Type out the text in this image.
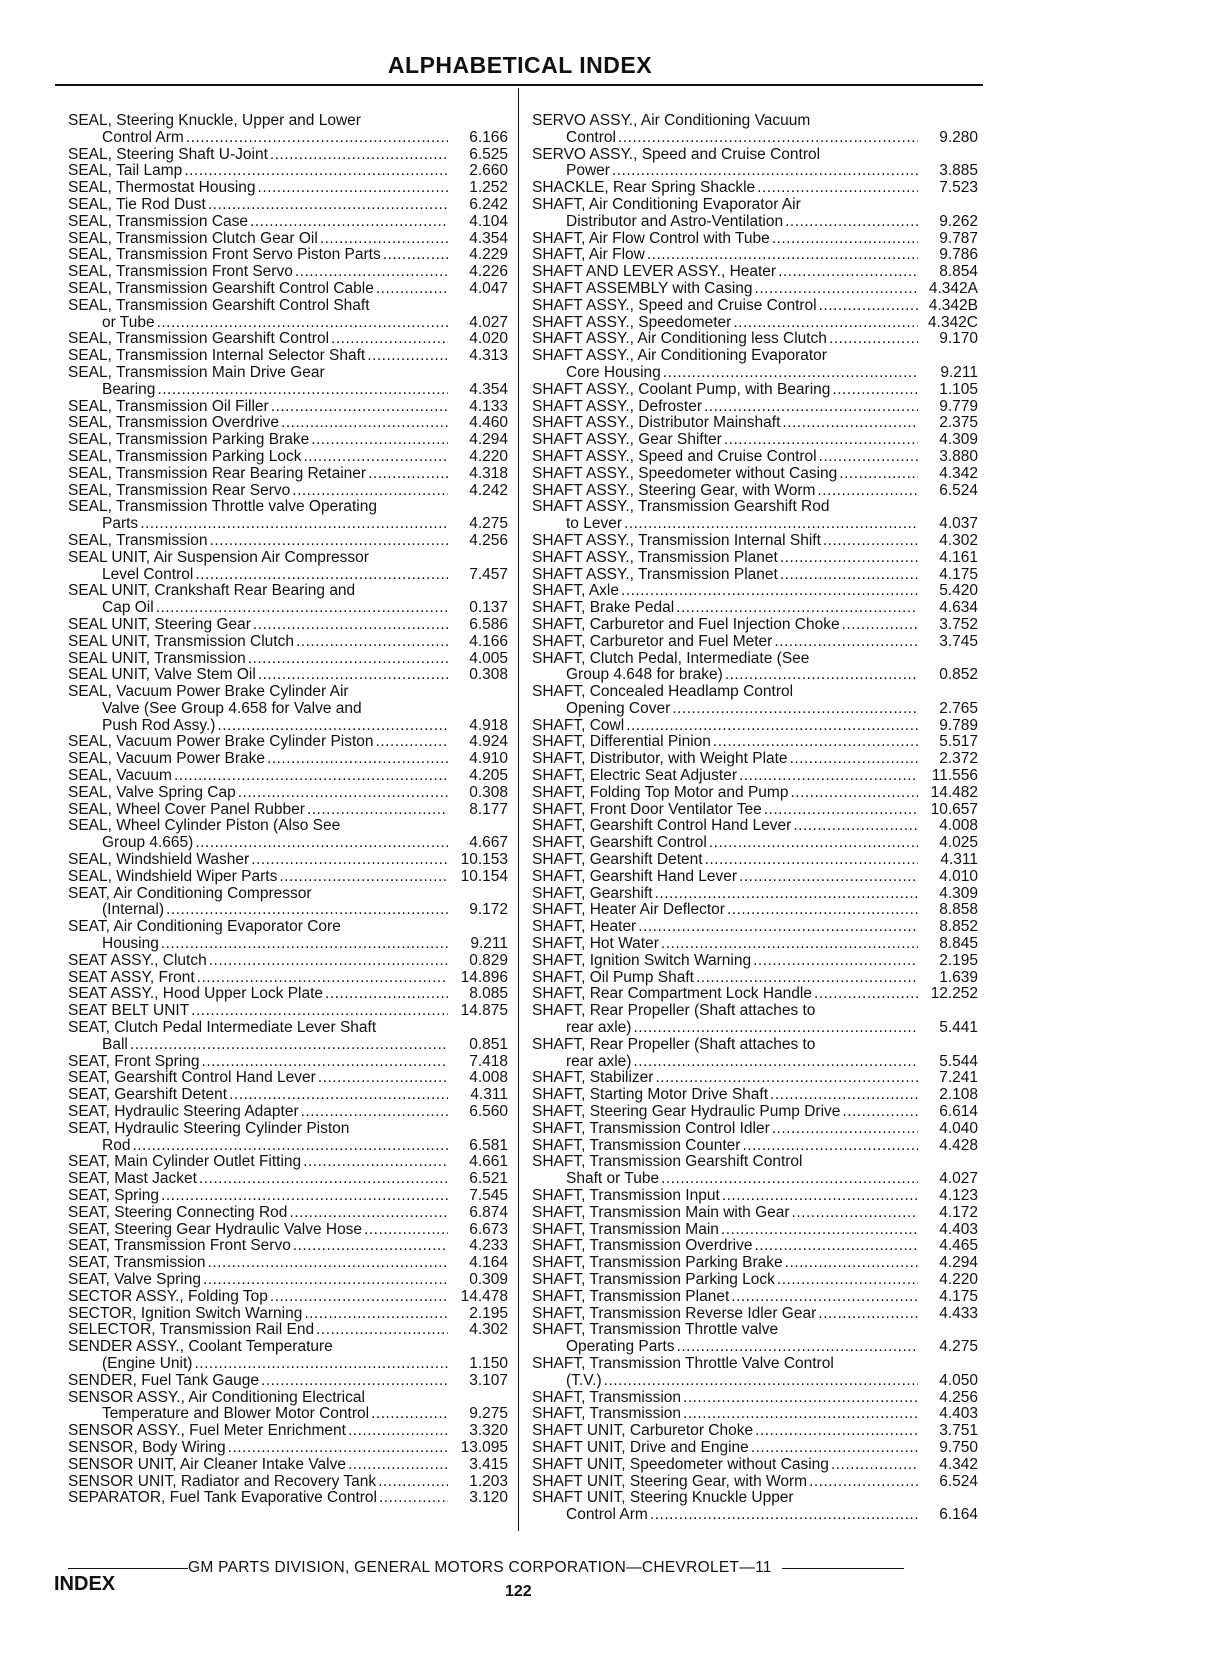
ALPHABETICAL INDEX
SEAL, Steering Knuckle, Upper and Lower
Control Arm .....	6.166
SEAL, Steering Shaft U-Joint .....	6.525
SEAL, Tail Lamp .....	2.660
SEAL, Thermostat Housing .....	1.252
SEAL, Tie Rod Dust .....	6.242
SEAL, Transmission Case .....	4.104
SEAL, Transmission Clutch Gear Oil .....	4.354
SEAL, Transmission Front Servo Piston Parts .....	4.229
SEAL, Transmission Front Servo .....	4.226
SEAL, Transmission Gearshift Control Cable .....	4.047
SEAL, Transmission Gearshift Control Shaft
or Tube .....	4.027
SEAL, Transmission Gearshift Control .....	4.020
SEAL, Transmission Internal Selector Shaft .....	4.313
SEAL, Transmission Main Drive Gear
Bearing .....	4.354
SEAL, Transmission Oil Filler .....	4.133
SEAL, Transmission Overdrive .....	4.460
SEAL, Transmission Parking Brake .....	4.294
SEAL, Transmission Parking Lock .....	4.220
SEAL, Transmission Rear Bearing Retainer .....	4.318
SEAL, Transmission Rear Servo .....	4.242
SEAL, Transmission Throttle valve Operating
Parts .....	4.275
SEAL, Transmission .....	4.256
SEAL UNIT, Air Suspension Air Compressor
Level Control .....	7.457
SEAL UNIT, Crankshaft Rear Bearing and
Cap Oil .....	0.137
SEAL UNIT, Steering Gear .....	6.586
SEAL UNIT, Transmission Clutch .....	4.166
SEAL UNIT, Transmission .....	4.005
SEAL UNIT, Valve Stem Oil .....	0.308
SEAL, Vacuum Power Brake Cylinder Air
Valve (See Group 4.658 for Valve and
Push Rod Assy.) .....	4.918
SEAL, Vacuum Power Brake Cylinder Piston .....	4.924
SEAL, Vacuum Power Brake .....	4.910
SEAL, Vacuum .....	4.205
SEAL, Valve Spring Cap .....	0.308
SEAL, Wheel Cover Panel Rubber .....	8.177
SEAL, Wheel Cylinder Piston (Also See
Group 4.665) .....	4.667
SEAL, Windshield Washer .....	10.153
SEAL, Windshield Wiper Parts .....	10.154
SEAT, Air Conditioning Compressor
(Internal) .....	9.172
SEAT, Air Conditioning Evaporator Core
Housing .....	9.211
SEAT ASSY., Clutch .....	0.829
SEAT ASSY, Front .....	14.896
SEAT ASSY., Hood Upper Lock Plate .....	8.085
SEAT BELT UNIT .....	14.875
SEAT, Clutch Pedal Intermediate Lever Shaft
Ball .....	0.851
SEAT, Front Spring .....	7.418
SEAT, Gearshift Control Hand Lever .....	4.008
SEAT, Gearshift Detent .....	4.311
SEAT, Hydraulic Steering Adapter .....	6.560
SEAT, Hydraulic Steering Cylinder Piston
Rod .....	6.581
SEAT, Main Cylinder Outlet Fitting .....	4.661
SEAT, Mast Jacket .....	6.521
SEAT, Spring .....	7.545
SEAT, Steering Connecting Rod .....	6.874
SEAT, Steering Gear Hydraulic Valve Hose .....	6.673
SEAT, Transmission Front Servo .....	4.233
SEAT, Transmission .....	4.164
SEAT, Valve Spring .....	0.309
SECTOR ASSY., Folding Top .....	14.478
SECTOR, Ignition Switch Warning .....	2.195
SELECTOR, Transmission Rail End .....	4.302
SENDER ASSY., Coolant Temperature
(Engine Unit) .....	1.150
SENDER, Fuel Tank Gauge .....	3.107
SENSOR ASSY., Air Conditioning Electrical
Temperature and Blower Motor Control .....	9.275
SENSOR ASSY., Fuel Meter Enrichment .....	3.320
SENSOR, Body Wiring .....	13.095
SENSOR UNIT, Air Cleaner Intake Valve .....	3.415
SENSOR UNIT, Radiator and Recovery Tank .....	1.203
SEPARATOR, Fuel Tank Evaporative Control .....	3.120
SERVO ASSY., Air Conditioning Vacuum
Control .....	9.280
SERVO ASSY., Speed and Cruise Control
Power .....	3.885
SHACKLE, Rear Spring Shackle .....	7.523
SHAFT, Air Conditioning Evaporator Air
Distributor and Astro-Ventilation .....	9.262
SHAFT, Air Flow Control with Tube .....	9.787
SHAFT, Air Flow .....	9.786
SHAFT AND LEVER ASSY., Heater .....	8.854
SHAFT ASSEMBLY with Casing .....	4.342A
SHAFT ASSY., Speed and Cruise Control .....	4.342B
SHAFT ASSY., Speedometer .....	4.342C
SHAFT ASSY., Air Conditioning less Clutch .....	9.170
SHAFT ASSY., Air Conditioning Evaporator
Core Housing .....	9.211
SHAFT ASSY., Coolant Pump, with Bearing .....	1.105
SHAFT ASSY., Defroster .....	9.779
SHAFT ASSY., Distributor Mainshaft .....	2.375
SHAFT ASSY., Gear Shifter .....	4.309
SHAFT ASSY., Speed and Cruise Control .....	3.880
SHAFT ASSY., Speedometer without Casing .....	4.342
SHAFT ASSY., Steering Gear, with Worm .....	6.524
SHAFT ASSY., Transmission Gearshift Rod
to Lever .....	4.037
SHAFT ASSY., Transmission Internal Shift .....	4.302
SHAFT ASSY., Transmission Planet .....	4.161
SHAFT ASSY., Transmission Planet .....	4.175
SHAFT, Axle .....	5.420
SHAFT, Brake Pedal .....	4.634
SHAFT, Carburetor and Fuel Injection Choke .....	3.752
SHAFT, Carburetor and Fuel Meter .....	3.745
SHAFT, Clutch Pedal, Intermediate (See
Group 4.648 for brake) .....	0.852
SHAFT, Concealed Headlamp Control
Opening Cover .....	2.765
SHAFT, Cowl .....	9.789
SHAFT, Differential Pinion .....	5.517
SHAFT, Distributor, with Weight Plate .....	2.372
SHAFT, Electric Seat Adjuster .....	11.556
SHAFT, Folding Top Motor and Pump .....	14.482
SHAFT, Front Door Ventilator Tee .....	10.657
SHAFT, Gearshift Control Hand Lever .....	4.008
SHAFT, Gearshift Control .....	4.025
SHAFT, Gearshift Detent .....	4.311
SHAFT, Gearshift Hand Lever .....	4.010
SHAFT, Gearshift .....	4.309
SHAFT, Heater Air Deflector .....	8.858
SHAFT, Heater .....	8.852
SHAFT, Hot Water .....	8.845
SHAFT, Ignition Switch Warning .....	2.195
SHAFT, Oil Pump Shaft .....	1.639
SHAFT, Rear Compartment Lock Handle .....	12.252
SHAFT, Rear Propeller (Shaft attaches to
rear axle) .....	5.441
SHAFT, Rear Propeller (Shaft attaches to
rear axle) .....	5.544
SHAFT, Stabilizer .....	7.241
SHAFT, Starting Motor Drive Shaft .....	2.108
SHAFT, Steering Gear Hydraulic Pump Drive .....	6.614
SHAFT, Transmission Control Idler .....	4.040
SHAFT, Transmission Counter .....	4.428
SHAFT, Transmission Gearshift Control
Shaft or Tube .....	4.027
SHAFT, Transmission Input .....	4.123
SHAFT, Transmission Main with Gear .....	4.172
SHAFT, Transmission Main .....	4.403
SHAFT, Transmission Overdrive .....	4.465
SHAFT, Transmission Parking Brake .....	4.294
SHAFT, Transmission Parking Lock .....	4.220
SHAFT, Transmission Planet .....	4.175
SHAFT, Transmission Reverse Idler Gear .....	4.433
SHAFT, Transmission Throttle valve
Operating Parts .....	4.275
SHAFT, Transmission Throttle Valve Control
(T.V.) .....	4.050
SHAFT, Transmission .....	4.256
SHAFT, Transmission .....	4.403
SHAFT UNIT, Carburetor Choke .....	3.751
SHAFT UNIT, Drive and Engine .....	9.750
SHAFT UNIT, Speedometer without Casing .....	4.342
SHAFT UNIT, Steering Gear, with Worm .....	6.524
SHAFT UNIT, Steering Knuckle Upper
Control Arm .....	6.164
GM PARTS DIVISION, GENERAL MOTORS CORPORATION—CHEVROLET—11
INDEX	122
